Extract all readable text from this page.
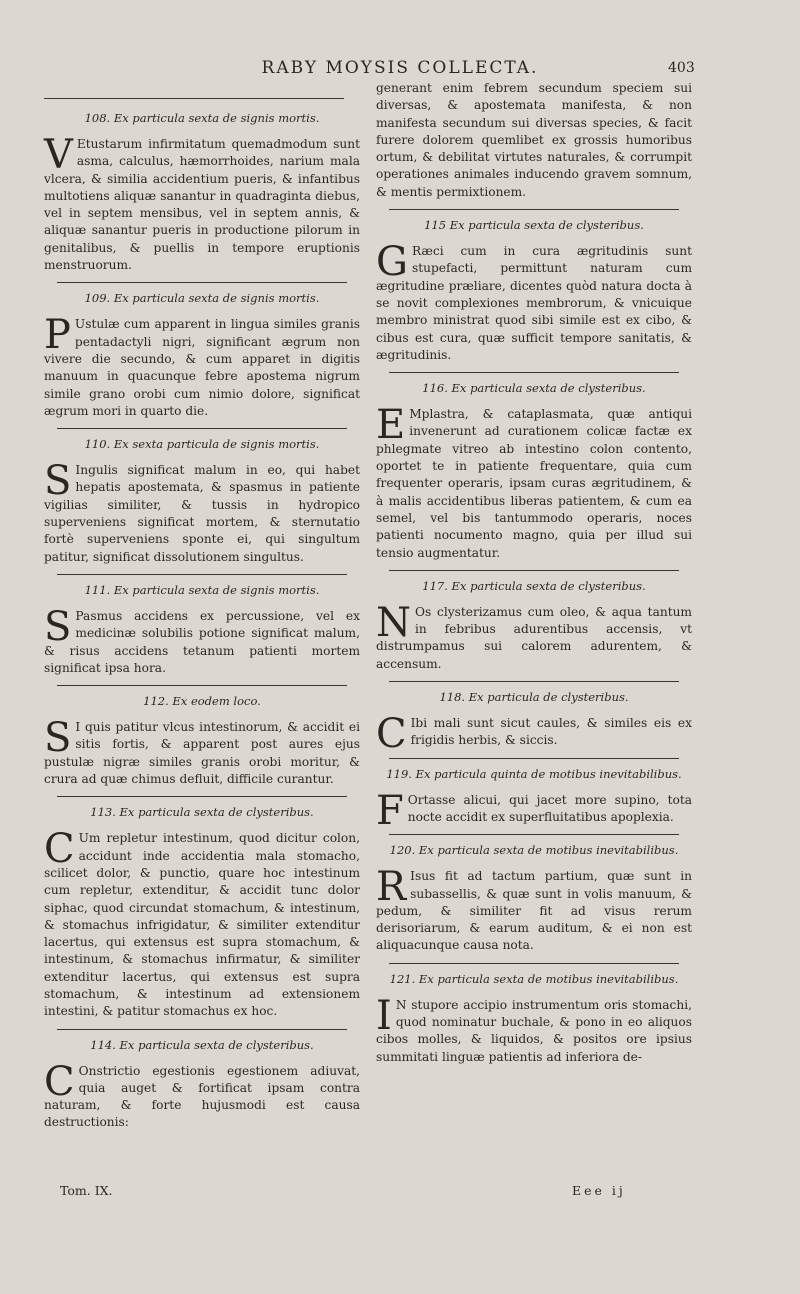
RABY MOYSIS COLLECTA.	403
108. Ex particula sexta de signis mortis.

V Etustarum infirmitatum quemadmodum sunt asma, calculus, hæmorrhoides, narium mala vlcera, & similia accidentium pueris, & infantibus multotiens aliquæ sanantur in quadraginta diebus, vel in septem mensibus, vel in septem annis, & aliquæ sanantur pueris in productione pilorum in genitalibus, & puellis in tempore eruptionis menstruorum.

109. Ex particula sexta de signis mortis.

P Ustulæ cum apparent in lingua similes granis pentadactyli nigri, significant ægrum non vivere die secundo, & cum apparet in digitis manuum in quacunque febre apostema nigrum simile grano orobi cum nimio dolore, significat ægrum mori in quarto die.

110. Ex sexta particula de signis mortis.

S Ingulis significat malum in eo, qui habet hepatis apostemata, & spasmus in patiente vigilias similiter, & tussis in hydropico superveniens significat mortem, & sternutatio fortè superveniens sponte ei, qui singultum patitur, significat dissolutionem singultus.

111. Ex particula sexta de signis mortis.

S Pasmus accidens ex percussione, vel ex medicinæ solubilis potione significat malum, & risus accidens tetanum patienti mortem significat ipsa hora.

112. Ex eodem loco.

S I quis patitur vlcus intestinorum, & accidit ei sitis fortis, & apparent post aures ejus pustulæ nigræ similes granis orobi moritur, & crura ad quæ chimus defluit, difficile curantur.

113. Ex particula sexta de clysteribus.

C Um repletur intestinum, quod dicitur colon, accidunt inde accidentia mala stomacho, scilicet dolor, & punctio, quare hoc intestinum cum repletur, extenditur, & accidit tunc dolor siphac, quod circundat stomachum, & intestinum, & stomachus infrigidatur, & similiter extenditur lacertus, qui extensus est supra stomachum, & intestinum, & stomachus infirmatur, & similiter extenditur lacertus, qui extensus est supra stomachum, & intestinum ad extensionem intestini, & patitur stomachus ex hoc.

114. Ex particula sexta de clysteribus.

C Onstrictio egestionis egestionem adiuvat, quia auget & fortificat ipsam contra naturam, & forte hujusmodi est causa destructionis:

generant enim febrem secundum speciem sui diversas, & apostemata manifesta, & non manifesta secundum sui diversas species, & facit furere dolorem quemlibet ex grossis humoribus ortum, & debilitat virtutes naturales, & corrumpit operationes animales inducendo gravem somnum, & mentis permixtionem.

115 Ex particula sexta de clysteribus.

G Ræci cum in cura ægritudinis sunt stupefacti, permittunt naturam cum ægritudine præliare, dicentes quòd natura docta à se novit complexiones membrorum, & vnicuique membro ministrat quod sibi simile est ex cibo, & cibus est cura, quæ sufficit tempore sanitatis, & ægritudinis.

116. Ex particula sexta de clysteribus.

E Mplastra, & cataplasmata, quæ antiqui invenerunt ad curationem colicæ factæ ex phlegmate vitreo ab intestino colon contento, oportet te in patiente frequentare, quia cum frequenter operaris, ipsam curas ægritudinem, & à malis accidentibus liberas patientem, & cum ea semel, vel bis tantummodo operaris, noces patienti nocumento magno, quia per illud sui tensio augmentatur.

117. Ex particula sexta de clysteribus.

N Os clysterizamus cum oleo, & aqua tantum in febribus adurentibus accensis, vt distrumpamus sui calorem adurentem, & accensum.

118. Ex particula de clysteribus.

C Ibi mali sunt sicut caules, & similes eis ex frigidis herbis, & siccis.

119. Ex particula quinta de motibus inevitabilibus.

F Ortasse alicui, qui jacet more supino, tota nocte accidit ex superfluitatibus apoplexia.

120. Ex particula sexta de motibus inevitabilibus.

R Isus fit ad tactum partium, quæ sunt in subassellis, & quæ sunt in volis manuum, & pedum, & similiter fit ad visus rerum derisoriarum, & earum auditum, & ei non est aliquacunque causa nota.

121. Ex particula sexta de motibus inevitabilibus.

I N stupore accipio instrumentum oris stomachi, quod nominatur buchale, & pono in eo aliquos cibos molles, & liquidos, & positos ore ipsius summitati linguæ patientis ad inferiora de-

Tom. IX.	Eee ij
